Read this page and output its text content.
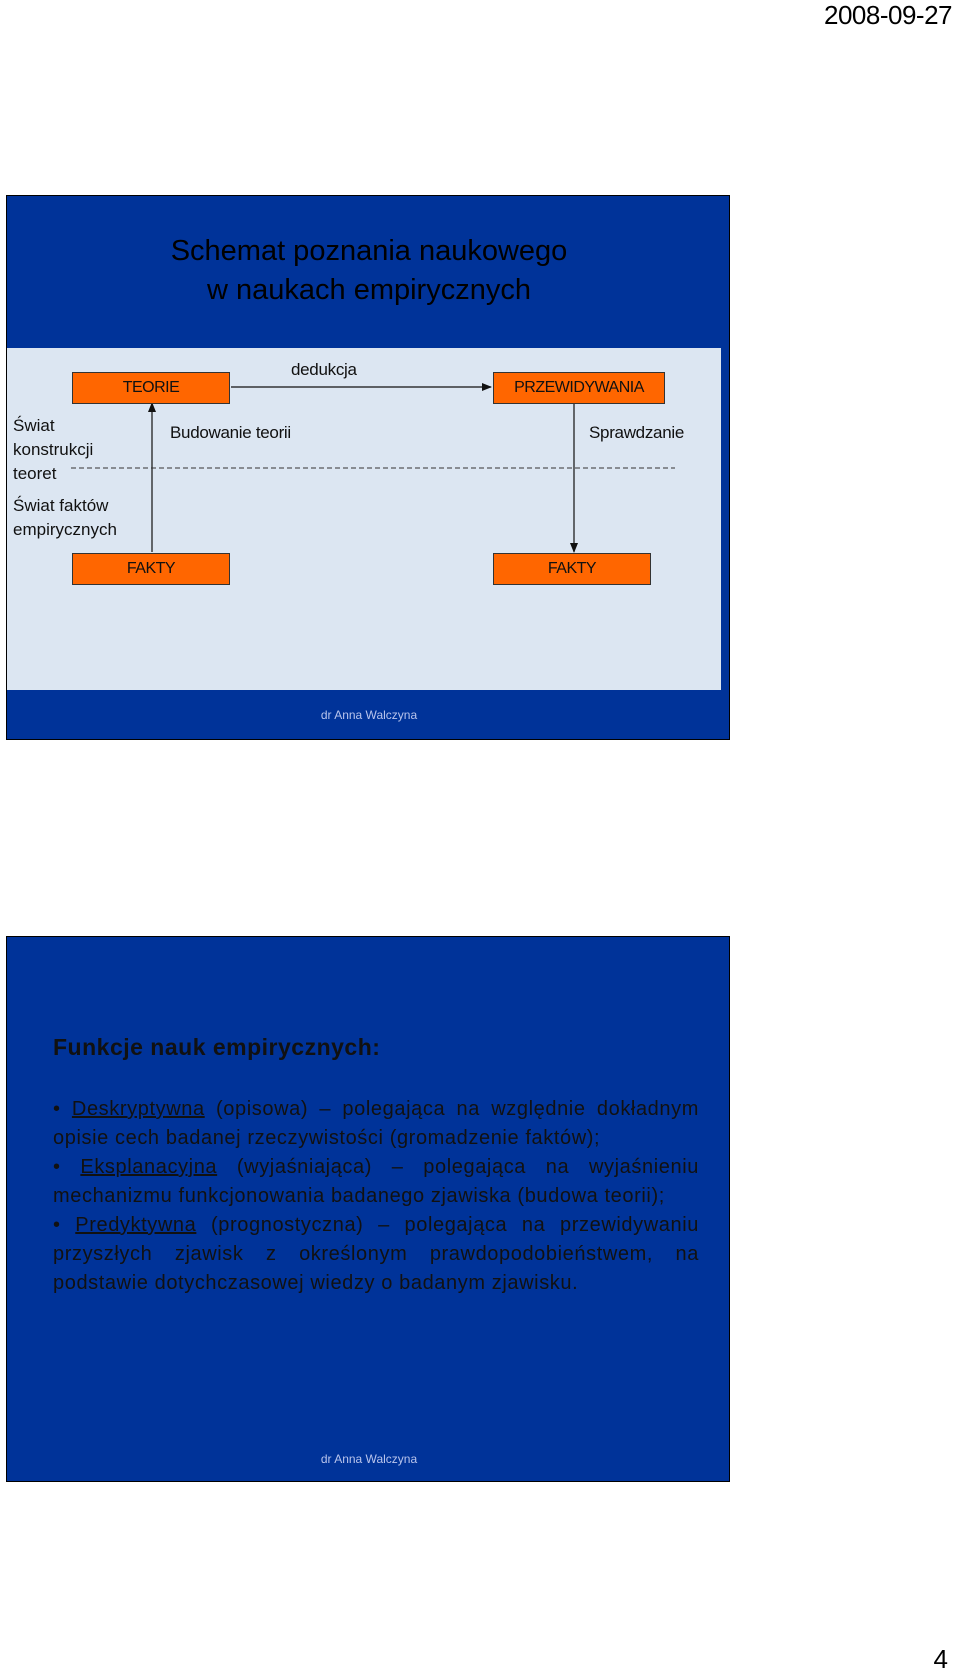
2008-09-27
Schemat poznania naukowego
w naukach empirycznych
TEORIE	PRZEWIDYWANIA
FAKTY	FAKTY
dedukcja
Budowanie teorii	Sprawdzanie
Świat
konstrukcji
teoret
Świat faktów
empirycznych
dr Anna Walczyna
Funkcje nauk empirycznych:

• Deskryptywna (opisowa) – polegająca na względnie dokładnym opisie cech badanej rzeczywistości (gromadzenie faktów);

• Eksplanacyjna (wyjaśniająca) – polegająca na wyjaśnieniu mechanizmu funkcjonowania badanego zjawiska (budowa teorii);

• Predyktywna (prognostyczna) – polegająca na przewidywaniu przyszłych zjawisk z określonym prawdopodobieństwem, na podstawie dotychczasowej wiedzy o badanym zjawisku.

dr Anna Walczyna
4
